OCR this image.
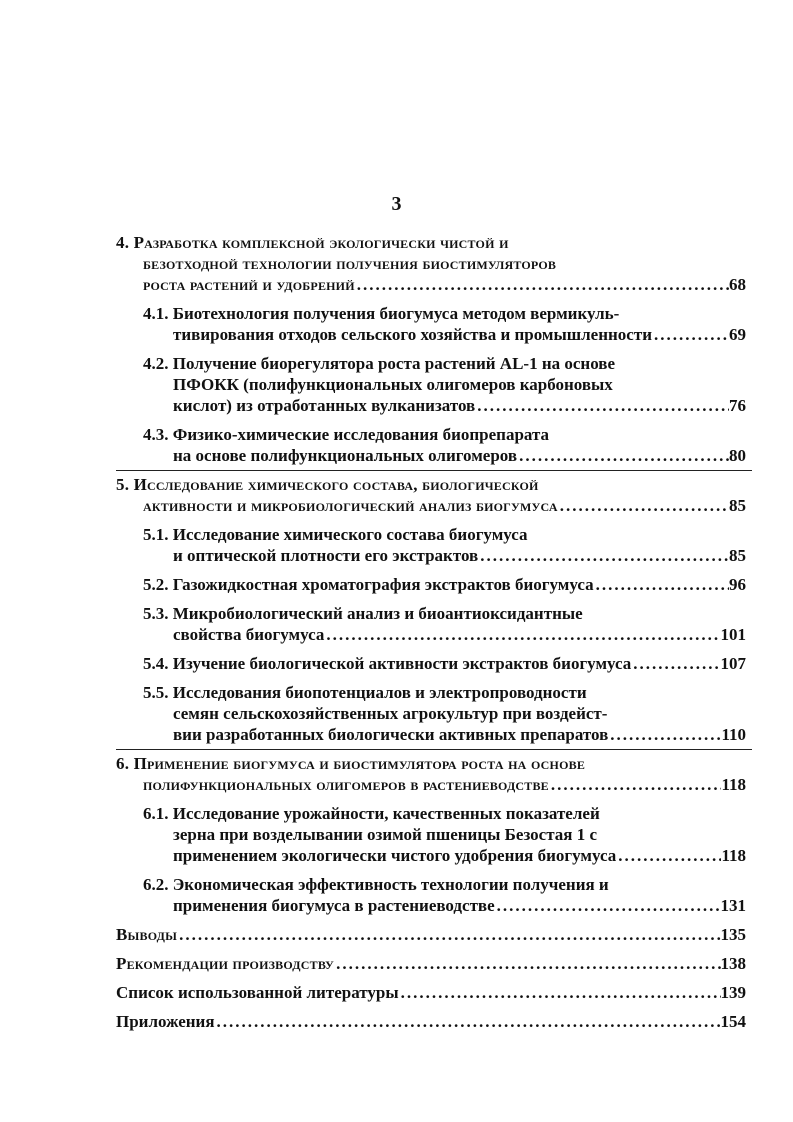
3
4. Разработка комплексной экологически чистой и
безотходной технологии получения биостимуляторов
роста растений и удобрений .....	68
4.1. Биотехнология получения биогумуса методом вермикуль-
тивирования отходов сельского хозяйства и промышленности .....	69
4.2. Получение биорегулятора роста растений AL-1 на основе
ПФОКК (полифункциональных олигомеров карбоновых
кислот) из отработанных вулканизатов .....	76
4.3. Физико-химические исследования биопрепарата
на основе полифункциональных олигомеров .....	80
5. Исследование химического состава, биологической
активности и микробиологический анализ биогумуса .....	85
5.1. Исследование химического состава биогумуса
и оптической плотности его экстрактов .....	85
5.2. Газожидкостная хроматография экстрактов биогумуса .....	96
5.3. Микробиологический анализ и биоантиоксидантные
свойства биогумуса .....	101
5.4. Изучение биологической активности экстрактов биогумуса .....	107
5.5. Исследования биопотенциалов и электропроводности
семян сельскохозяйственных агрокультур при воздейст-
вии разработанных биологически активных препаратов .....	110
6. Применение биогумуса и биостимулятора роста на основе
полифункциональных олигомеров в растениеводстве .....	118
6.1. Исследование урожайности, качественных показателей
зерна при возделывании озимой пшеницы Безостая 1 с
применением экологически чистого удобрения биогумуса .....	118
6.2. Экономическая эффективность технологии получения и
применения биогумуса в растениеводстве .....	131
Выводы .....	135
Рекомендации производству .....	138
Список использованной литературы .....	139
Приложения .....	154
